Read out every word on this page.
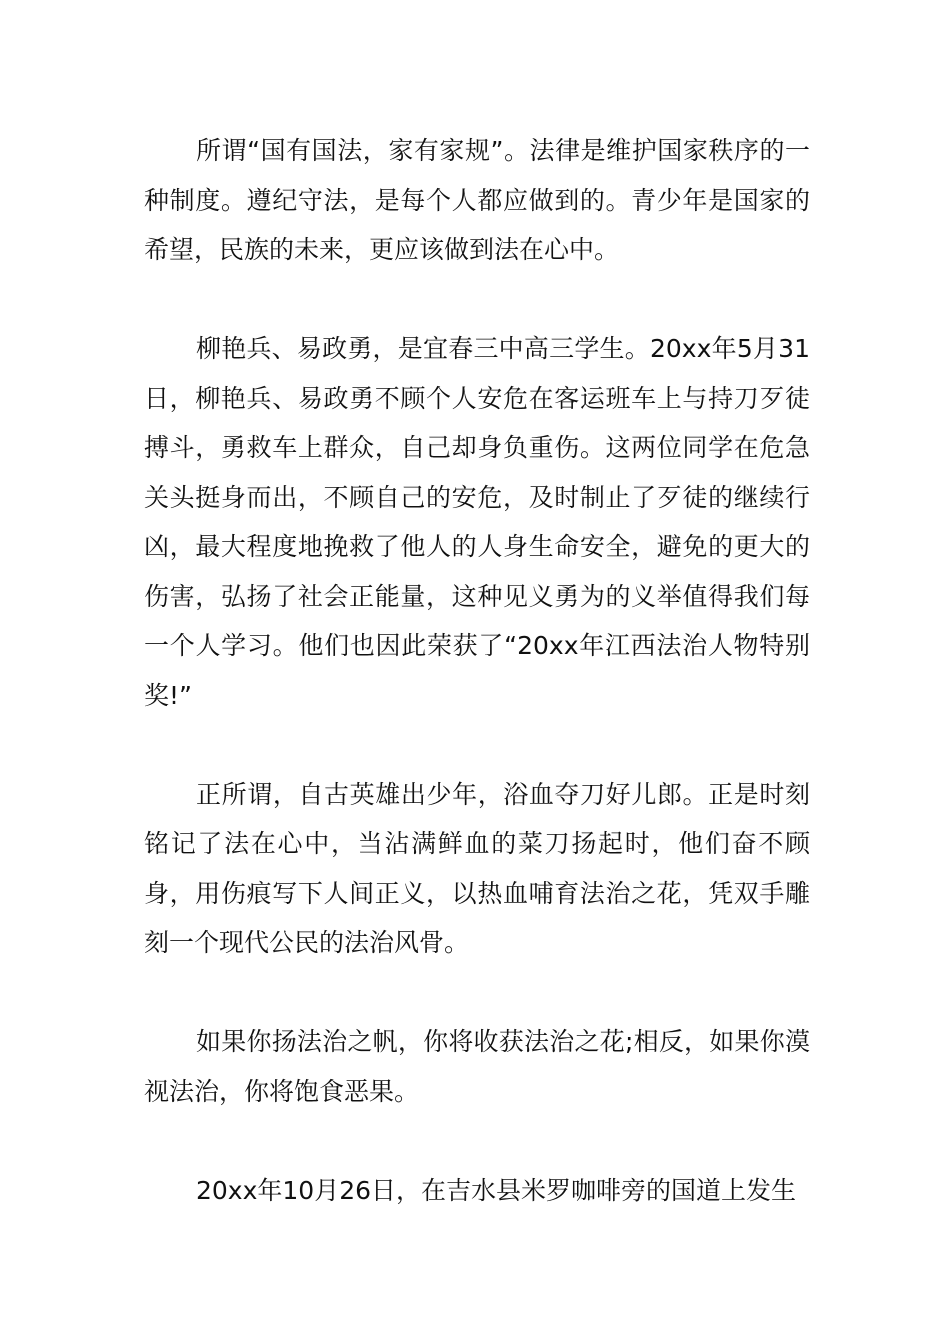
所谓“国有国法，家有家规”。法律是维护国家秩序的一种制度。遵纪守法，是每个人都应做到的。青少年是国家的希望，民族的未来，更应该做到法在心中。

柳艳兵、易政勇，是宜春三中高三学生。20xx年5月31日，柳艳兵、易政勇不顾个人安危在客运班车上与持刀歹徒搏斗，勇救车上群众，自己却身负重伤。这两位同学在危急关头挺身而出，不顾自己的安危，及时制止了歹徒的继续行凶，最大程度地挽救了他人的人身生命安全，避免的更大的伤害，弘扬了社会正能量，这种见义勇为的义举值得我们每一个人学习。他们也因此荣获了“20xx年江西法治人物特别奖!”

正所谓，自古英雄出少年，浴血夺刀好儿郎。正是时刻铭记了法在心中，当沾满鲜血的菜刀扬起时，他们奋不顾身，用伤痕写下人间正义，以热血哺育法治之花，凭双手雕刻一个现代公民的法治风骨。

如果你扬法治之帆，你将收获法治之花;相反，如果你漠视法治，你将饱食恶果。

20xx年10月26日，在吉水县米罗咖啡旁的国道上发生
